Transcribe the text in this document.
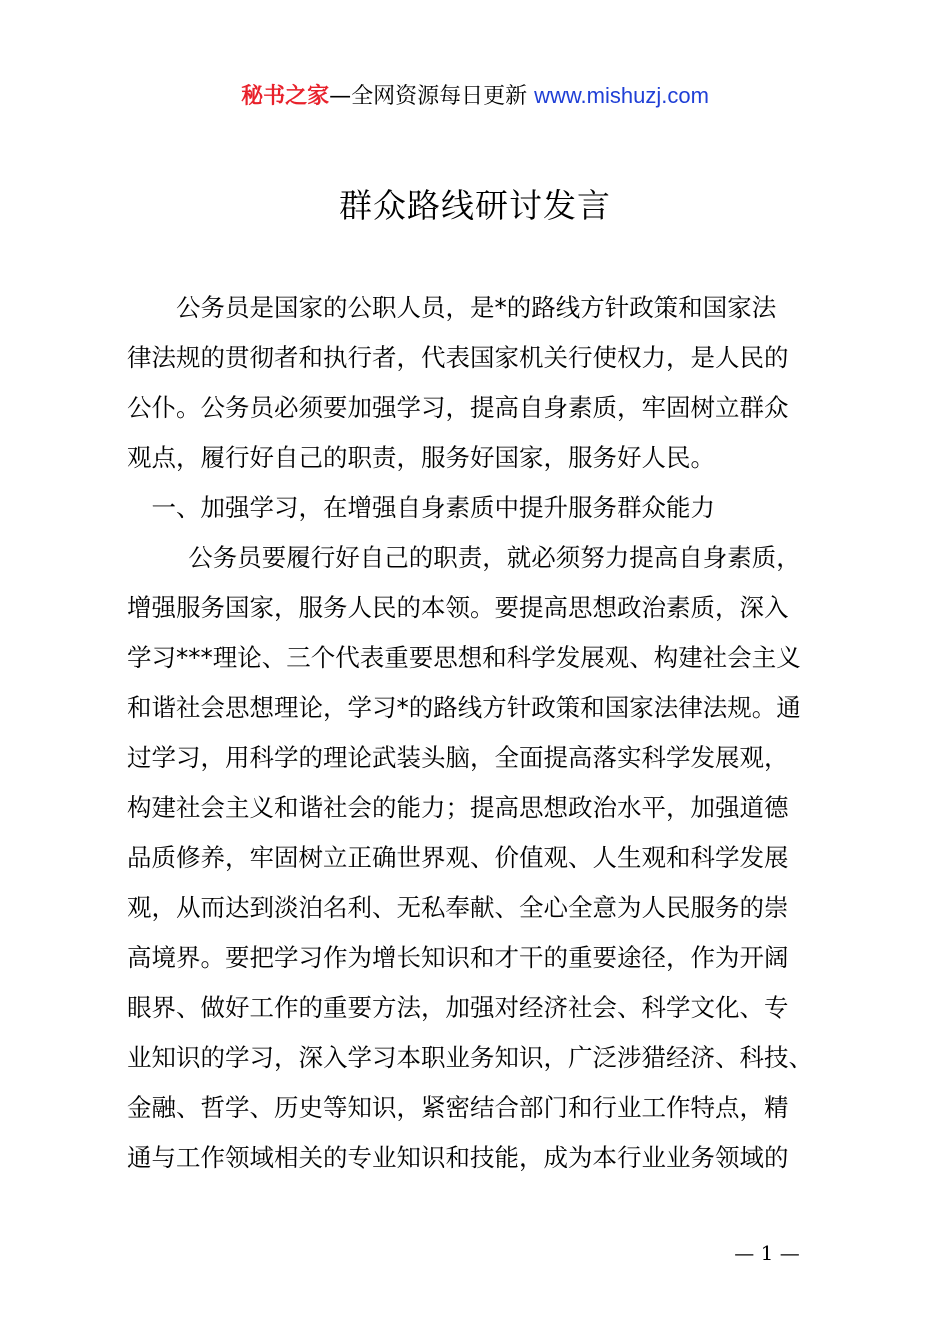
秘书之家—全网资源每日更新 www.mishuzj.com
群众路线研讨发言
　公务员是国家的公职人员，是*的路线方针政策和国家法
律法规的贯彻者和执行者，代表国家机关行使权力，是人民的
公仆。公务员必须要加强学习，提高自身素质，牢固树立群众
观点，履行好自己的职责，服务好国家，服务好人民。
一、加强学习，在增强自身素质中提升服务群众能力
　公务员要履行好自己的职责，就必须努力提高自身素质，
增强服务国家，服务人民的本领。要提高思想政治素质，深入
学习***理论、三个代表重要思想和科学发展观、构建社会主义
和谐社会思想理论，学习*的路线方针政策和国家法律法规。通
过学习，用科学的理论武装头脑，全面提高落实科学发展观，
构建社会主义和谐社会的能力；提高思想政治水平，加强道德
品质修养，牢固树立正确世界观、价值观、人生观和科学发展
观，从而达到淡泊名利、无私奉献、全心全意为人民服务的崇
高境界。要把学习作为增长知识和才干的重要途径，作为开阔
眼界、做好工作的重要方法，加强对经济社会、科学文化、专
业知识的学习，深入学习本职业务知识，广泛涉猎经济、科技、
金融、哲学、历史等知识，紧密结合部门和行业工作特点，精
通与工作领域相关的专业知识和技能，成为本行业业务领域的
— 1 —
